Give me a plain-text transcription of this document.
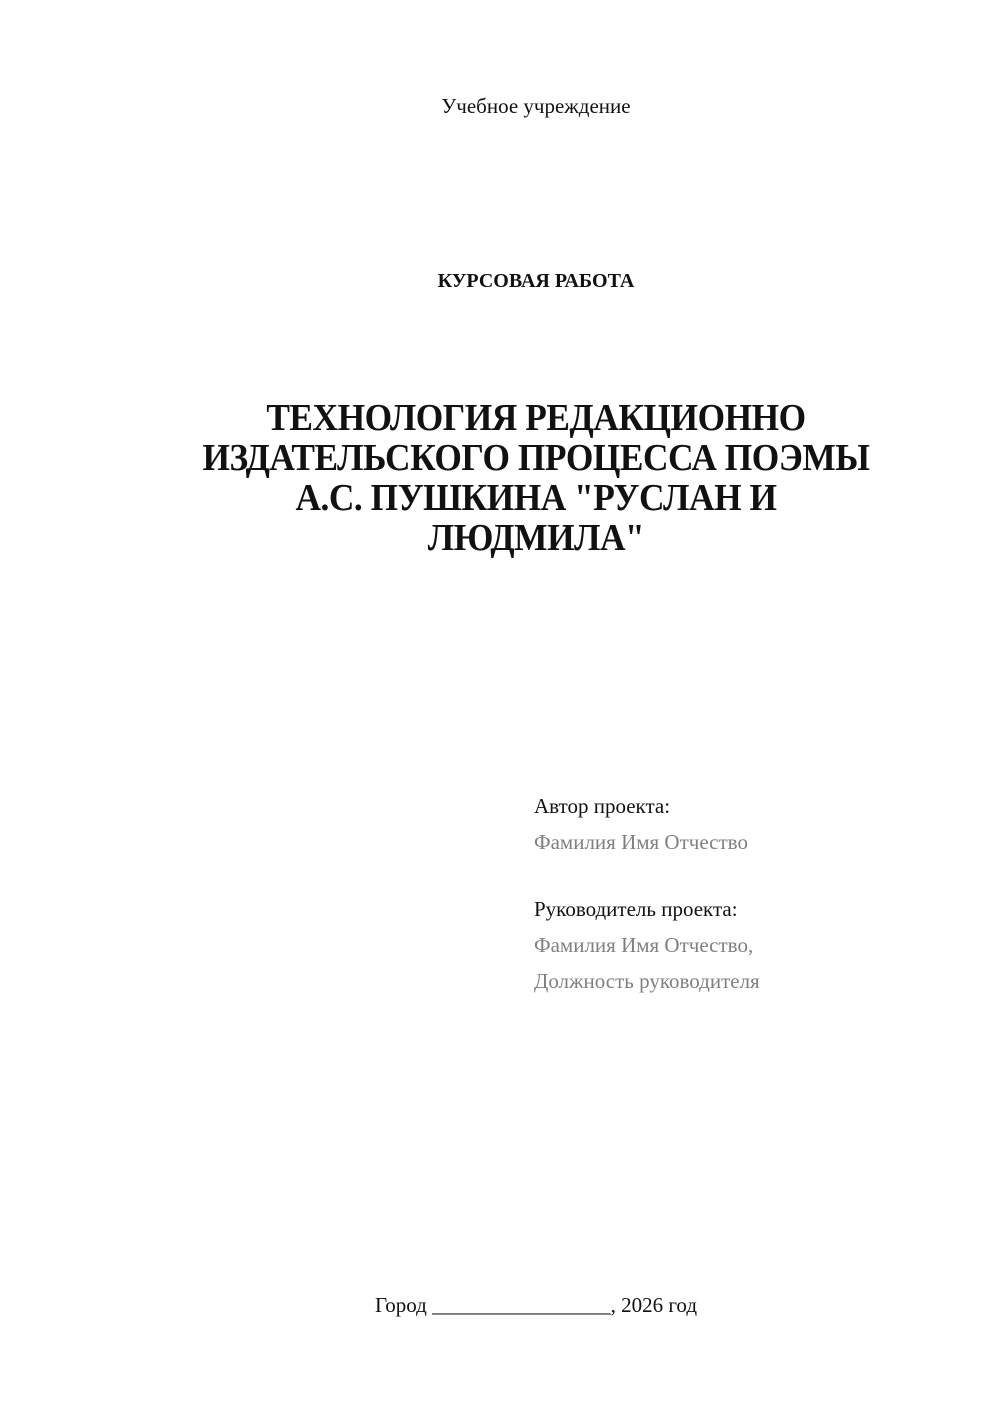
Учебное учреждение
КУРСОВАЯ РАБОТА
ТЕХНОЛОГИЯ РЕДАКЦИОННО
ИЗДАТЕЛЬСКОГО ПРОЦЕССА ПОЭМЫ
А.С. ПУШКИНА "РУСЛАН И
ЛЮДМИЛА"
Автор проекта:
Фамилия Имя Отчество
Руководитель проекта:
Фамилия Имя Отчество,
Должность руководителя
Город _________________, 2026 год
